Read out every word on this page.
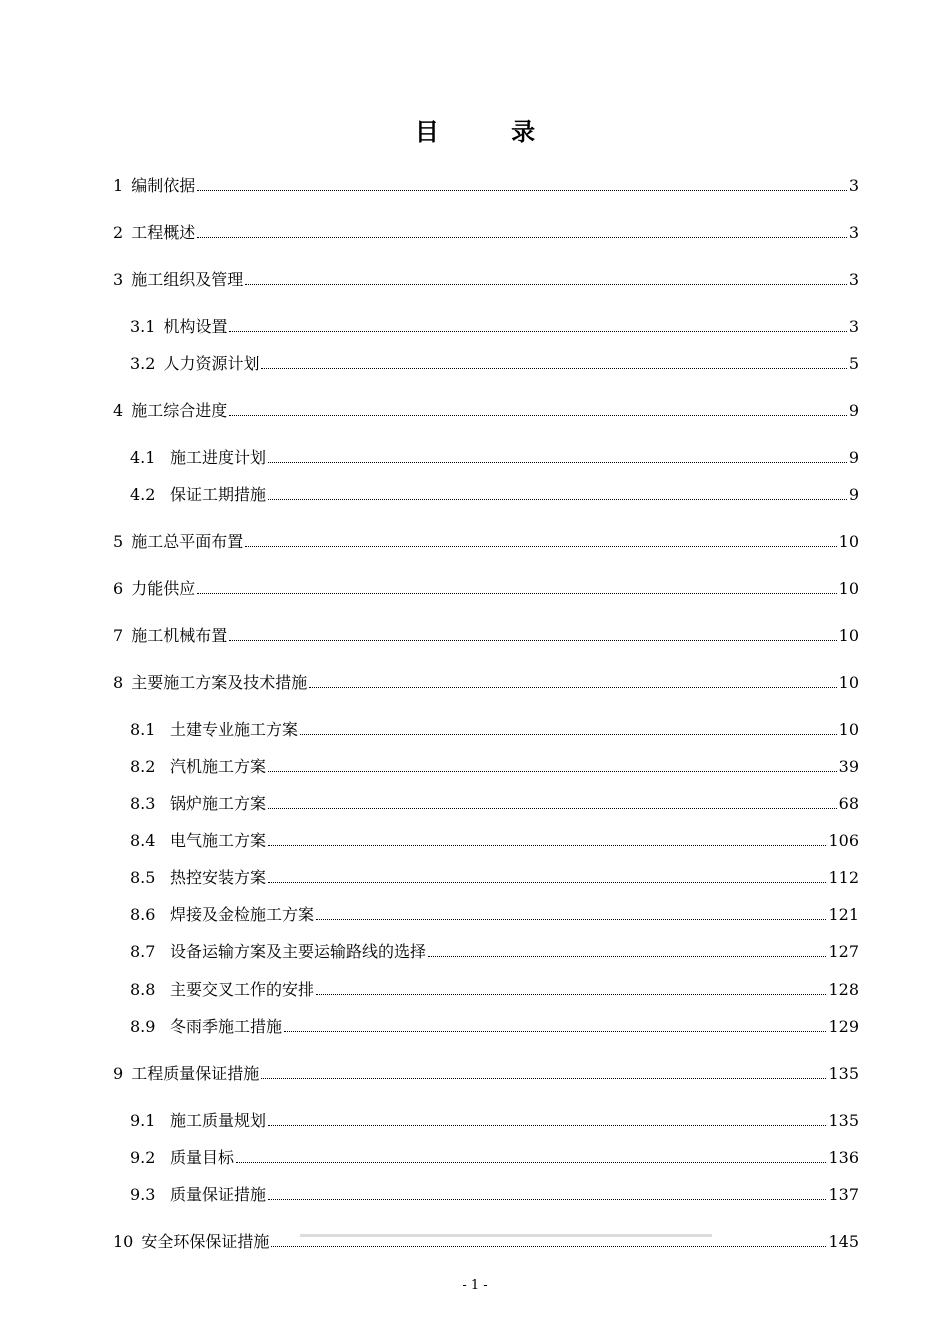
目	录
1 编制依据	3
2 工程概述	3
3 施工组织及管理	3
3.1 机构设置	3
3.2 人力资源计划	5
4 施工综合进度	9
4.1 施工进度计划	9
4.2 保证工期措施	9
5 施工总平面布置	10
6 力能供应	10
7 施工机械布置	10
8 主要施工方案及技术措施	10
8.1 土建专业施工方案	10
8.2 汽机施工方案	39
8.3 锅炉施工方案	68
8.4 电气施工方案	106
8.5 热控安装方案	112
8.6 焊接及金检施工方案	121
8.7 设备运输方案及主要运输路线的选择	127
8.8 主要交叉工作的安排	128
8.9 冬雨季施工措施	129
9 工程质量保证措施	135
9.1 施工质量规划	135
9.2 质量目标	136
9.3 质量保证措施	137
10 安全环保保证措施	145
- 1 -
